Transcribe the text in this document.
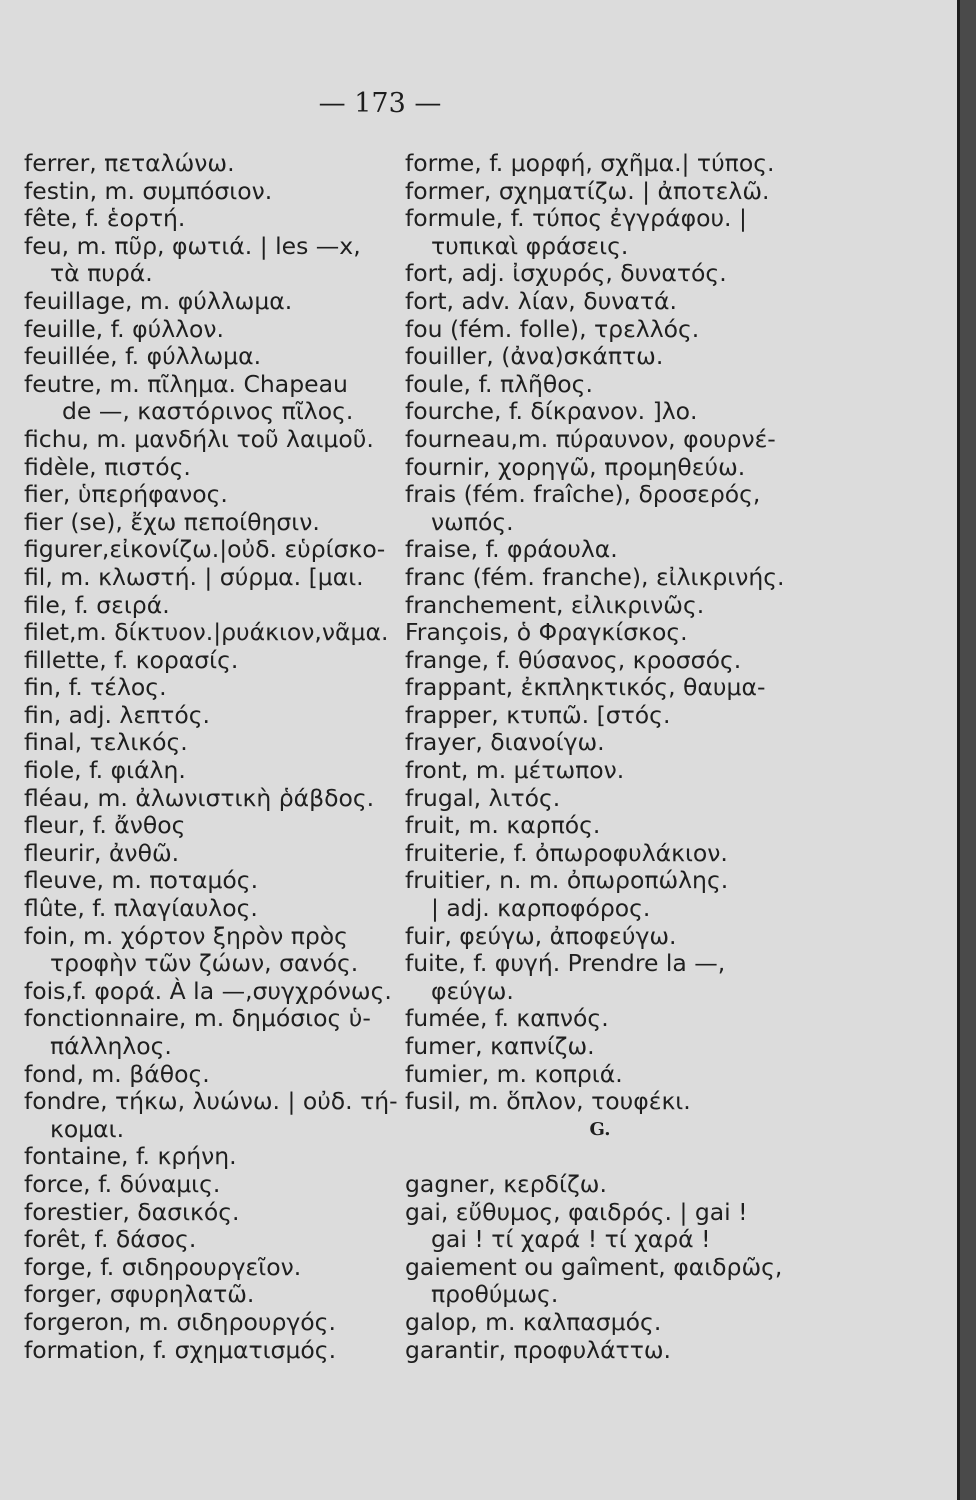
— 173 —
ferrer, πεταλώνω.
festin, m. συμπόσιον.
fête, f. ἑορτή.
feu, m. πῦρ, φωτιά. | les —x,
τὰ πυρά.
feuillage, m. φύλλωμα.
feuille, f. φύλλον.
feuillée, f. φύλλωμα.
feutre, m. πῖλημα. Chapeau
de —, καστόρινος πῖλος.
fichu, m. μανδήλι τοῦ λαιμοῦ.
fidèle, πιστός.
fier, ὑπερήφανος.
fier (se), ἔχω πεποίθησιν.
figurer,εἰκονίζω.|οὐδ. εὑρίσκο-
fil, m. κλωστή. | σύρμα. [μαι.
file, f. σειρά.
filet,m. δίκτυον.|ρυάκιον,νᾶμα.
fillette, f. κορασίς.
fin, f. τέλος.
fin, adj. λεπτός.
final, τελικός.
fiole, f. φιάλη.
fléau, m. ἀλωνιστικὴ ῥάβδος.
fleur, f. ἄνθος
fleurir, ἀνθῶ.
fleuve, m. ποταμός.
flûte, f. πλαγίαυλος.
foin, m. χόρτον ξηρὸν πρὸς
τροφὴν τῶν ζώων, σανός.
fois,f. φορά. À la —,συγχρόνως.
fonctionnaire, m. δημόσιος ὑ-
πάλληλος.
fond, m. βάθος.
fondre, τήκω, λυώνω. | οὐδ. τή-
κομαι.
fontaine, f. κρήνη.
force, f. δύναμις.
forestier, δασικός.
forêt, f. δάσος.
forge, f. σιδηρουργεῖον.
forger, σφυρηλατῶ.
forgeron, m. σιδηρουργός.
formation, f. σχηματισμός.
forme, f. μορφή, σχῆμα.| τύπος.
former, σχηματίζω. | ἀποτελῶ.
formule, f. τύπος ἐγγράφου. |
τυπικαὶ φράσεις.
fort, adj. ἰσχυρός, δυνατός.
fort, adv. λίαν, δυνατά.
fou (fém. folle), τρελλός.
fouiller, (ἀνα)σκάπτω.
foule, f. πλῆθος.
fourche, f. δίκρανον. ]λο.
fourneau,m. πύραυνον, φουρνέ-
fournir, χορηγῶ, προμηθεύω.
frais (fém. fraîche), δροσερός,
νωπός.
fraise, f. φράουλα.
franc (fém. franche), εἰλικρινής.
franchement, εἰλικρινῶς.
François, ὁ Φραγκίσκος.
frange, f. θύσανος, κροσσός.
frappant, ἐκπληκτικός, θαυμα-
frapper, κτυπῶ. [στός.
frayer, διανοίγω.
front, m. μέτωπον.
frugal, λιτός.
fruit, m. καρπός.
fruiterie, f. ὀπωροφυλάκιον.
fruitier, n. m. ὀπωροπώλης.
| adj. καρποφόρος.
fuir, φεύγω, ἀποφεύγω.
fuite, f. φυγή. Prendre la —,
φεύγω.
fumée, f. καπνός.
fumer, καπνίζω.
fumier, m. κοπριά.
fusil, m. ὅπλον, τουφέκι.
G.
gagner, κερδίζω.
gai, εὔθυμος, φαιδρός. | gai !
gai ! τί χαρά ! τί χαρά !
gaiement ou gaîment, φαιδρῶς,
προθύμως.
galop, m. καλπασμός.
garantir, προφυλάττω.
